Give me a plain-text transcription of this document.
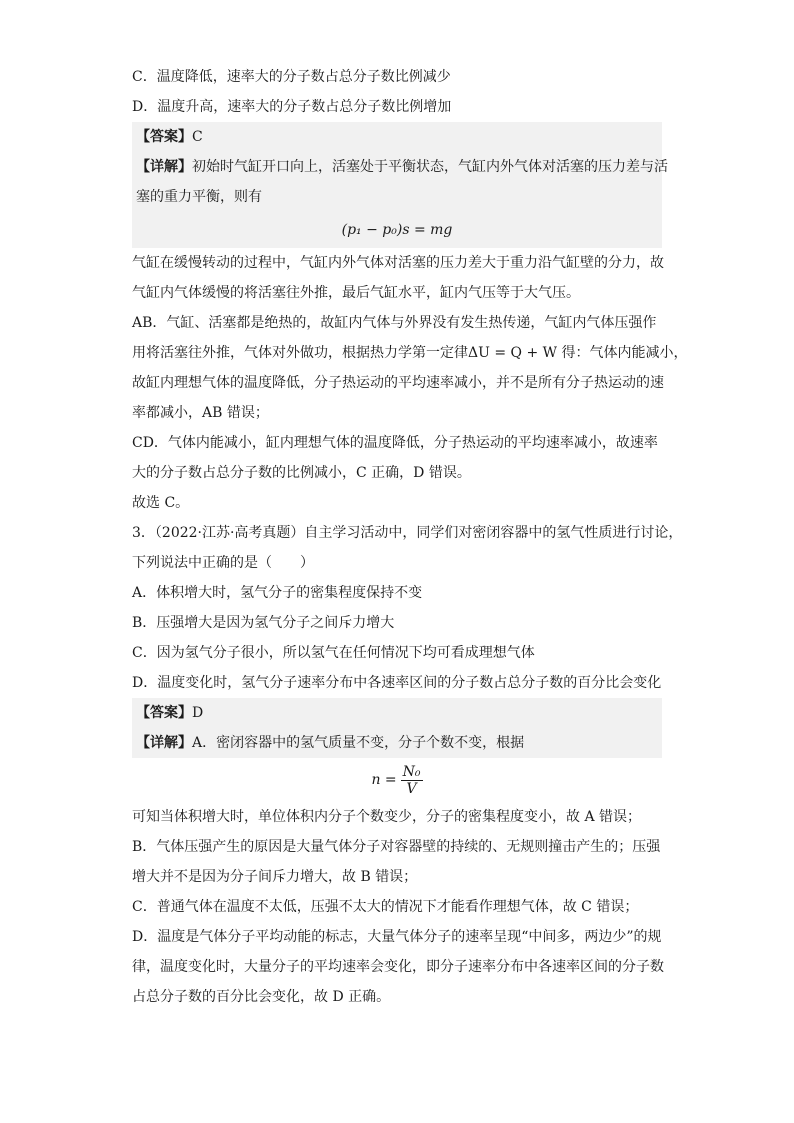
C．温度降低，速率大的分子数占总分子数比例减少
D．温度升高，速率大的分子数占总分子数比例增加
【答案】C
【详解】初始时气缸开口向上，活塞处于平衡状态，气缸内外气体对活塞的压力差与活
塞的重力平衡，则有
(p₁ − p₀)s = mg
气缸在缓慢转动的过程中，气缸内外气体对活塞的压力差大于重力沿气缸壁的分力，故
气缸内气体缓慢的将活塞往外推，最后气缸水平，缸内气压等于大气压。
AB．气缸、活塞都是绝热的，故缸内气体与外界没有发生热传递，气缸内气体压强作
用将活塞往外推，气体对外做功，根据热力学第一定律ΔU = Q + W 得：气体内能减小，
故缸内理想气体的温度降低，分子热运动的平均速率减小，并不是所有分子热运动的速
率都减小，AB 错误；
CD．气体内能减小，缸内理想气体的温度降低，分子热运动的平均速率减小，故速率
大的分子数占总分子数的比例减小，C 正确，D 错误。
故选 C。
3．（2022·江苏·高考真题）自主学习活动中，同学们对密闭容器中的氢气性质进行讨论，
下列说法中正确的是（　　）
A．体积增大时，氢气分子的密集程度保持不变
B．压强增大是因为氢气分子之间斥力增大
C．因为氢气分子很小，所以氢气在任何情况下均可看成理想气体
D．温度变化时，氢气分子速率分布中各速率区间的分子数占总分子数的百分比会变化
【答案】D
【详解】A．密闭容器中的氢气质量不变，分子个数不变，根据
$n = \frac{\text{N₀}}{V}$
可知当体积增大时，单位体积内分子个数变少，分子的密集程度变小，故 A 错误；
B．气体压强产生的原因是大量气体分子对容器壁的持续的、无规则撞击产生的；压强
增大并不是因为分子间斥力增大，故 B 错误；
C．普通气体在温度不太低，压强不太大的情况下才能看作理想气体，故 C 错误；
D．温度是气体分子平均动能的标志，大量气体分子的速率呈现“中间多，两边少”的规
律，温度变化时，大量分子的平均速率会变化，即分子速率分布中各速率区间的分子数
占总分子数的百分比会变化，故 D 正确。
